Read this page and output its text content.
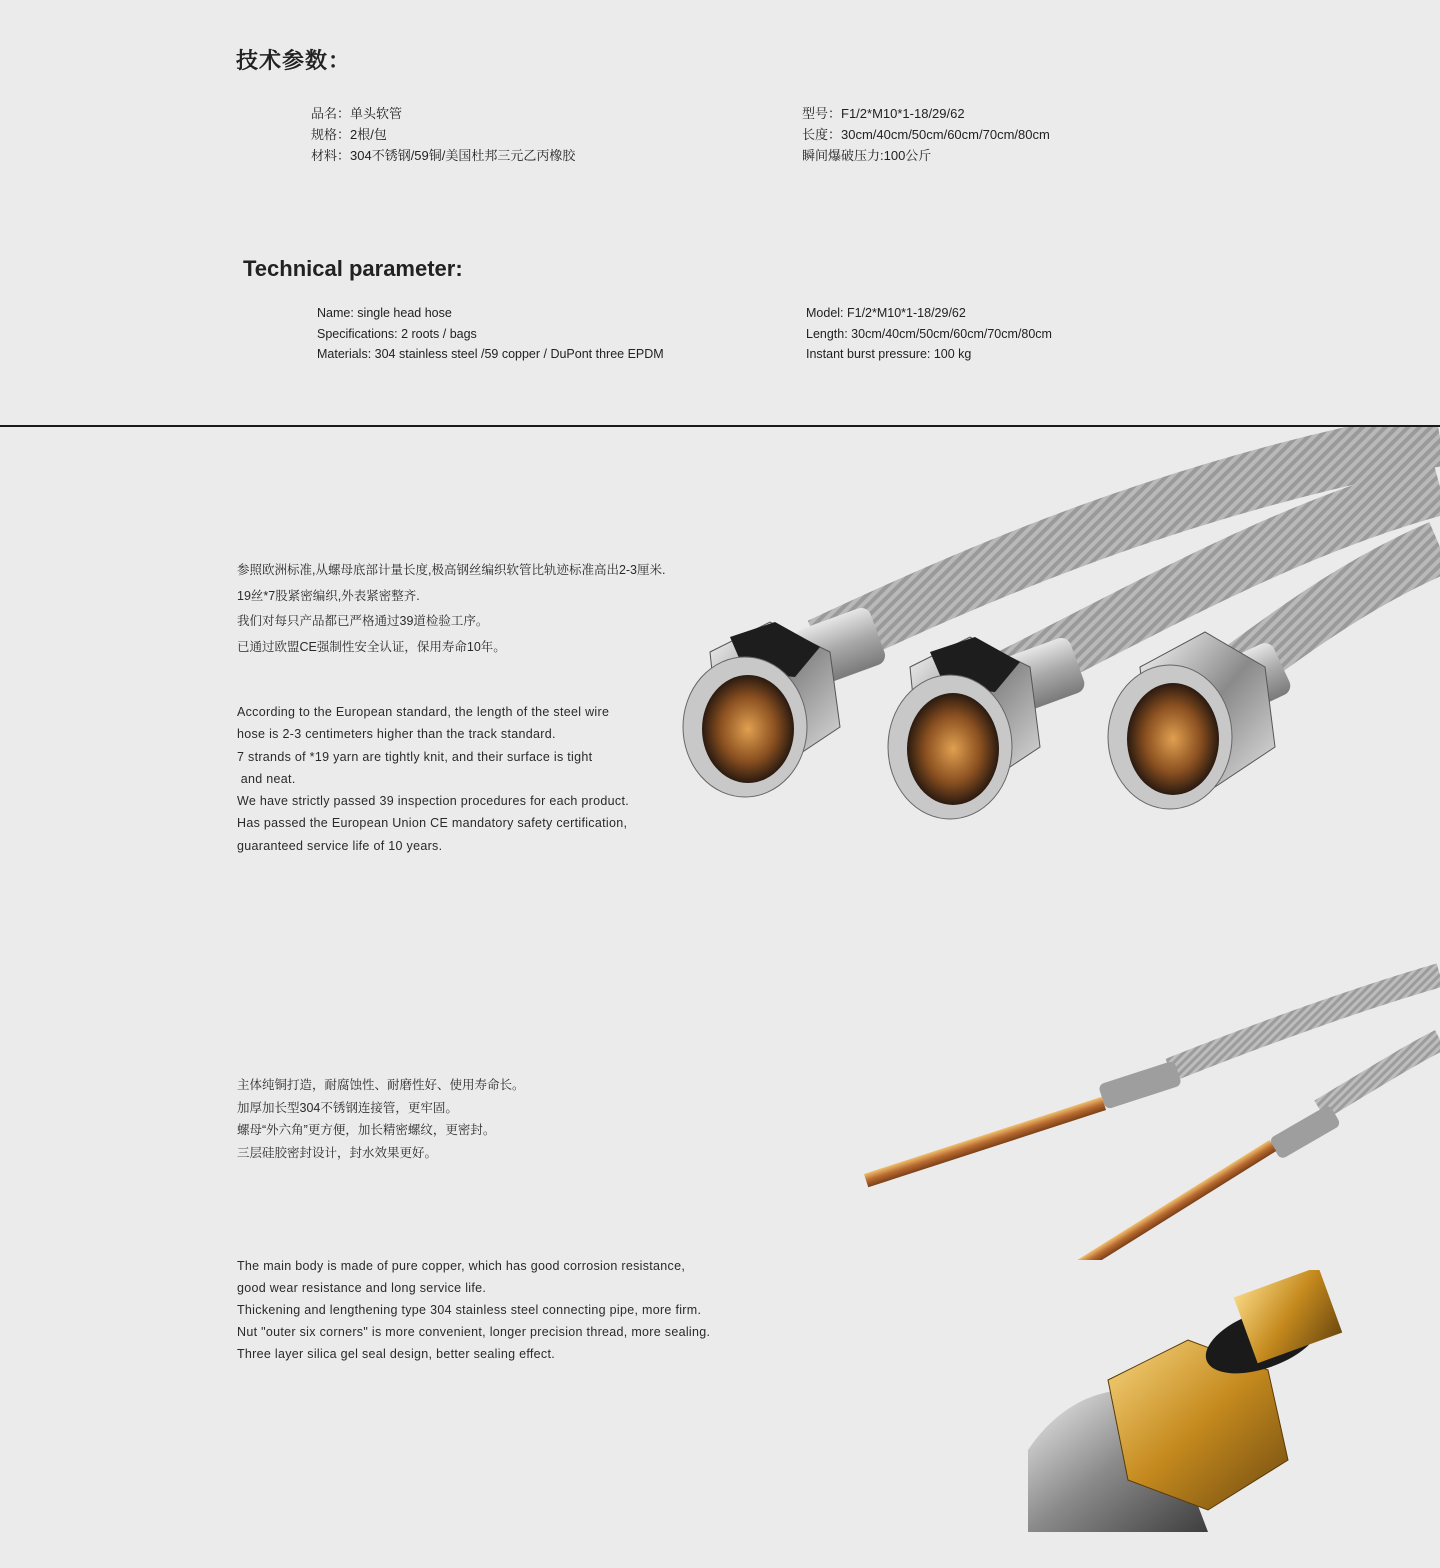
技术参数：
品名：单头软管
规格：2根/包
材料：304不锈钢/59铜/美国杜邦三元乙丙橡胶
型号：F1/2*M10*1-18/29/62
长度：30cm/40cm/50cm/60cm/70cm/80cm
瞬间爆破压力:100公斤
Technical parameter:
Name: single head hose
Specifications: 2 roots / bags
Materials: 304 stainless steel /59 copper / DuPont three EPDM
Model: F1/2*M10*1-18/29/62
Length: 30cm/40cm/50cm/60cm/70cm/80cm
Instant burst pressure: 100 kg
参照欧洲标准,从螺母底部计量长度,极高钢丝编织软管比轨迹标准高出2-3厘米.
19丝*7股紧密编织,外表紧密整齐.
我们对每只产品都已严格通过39道检验工序。
已通过欧盟CE强制性安全认证，保用寿命10年。
According to the European standard, the length of the steel wire
hose is 2-3 centimeters higher than the track standard.
7 strands of *19 yarn are tightly knit, and their surface is tight
and neat.
We have strictly passed 39 inspection procedures for each product.
Has passed the European Union CE mandatory safety certification,
guaranteed service life of 10 years.
主体纯铜打造，耐腐蚀性、耐磨性好、使用寿命长。
加厚加长型304不锈钢连接管，更牢固。
螺母“外六角”更方便，加长精密螺纹，更密封。
三层硅胶密封设计，封水效果更好。
The main body is made of pure copper, which has good corrosion resistance,
good wear resistance and long service life.
Thickening and lengthening type 304 stainless steel connecting pipe, more firm.
Nut "outer six corners" is more convenient, longer precision thread, more sealing.
Three layer silica gel seal design, better sealing effect.
